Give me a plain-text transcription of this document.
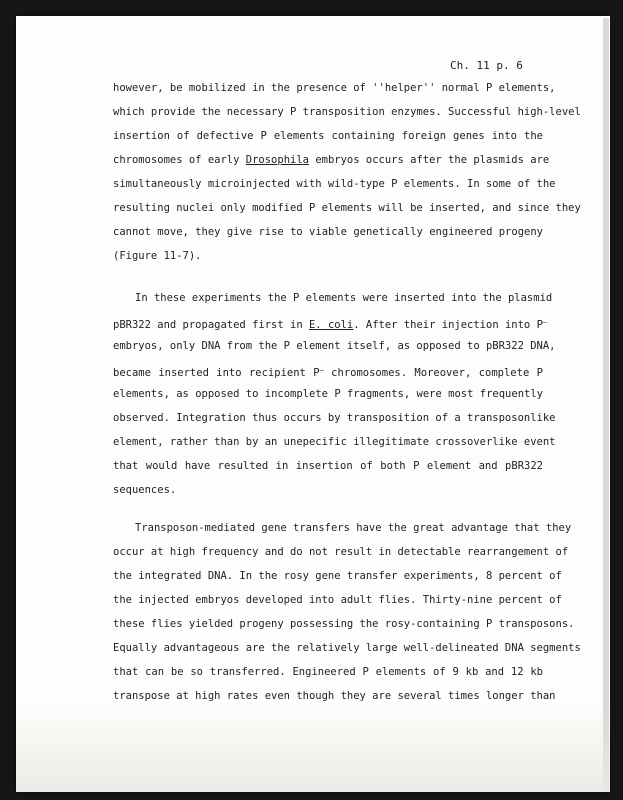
Ch. 11 p. 6
however, be mobilized in the presence of ''helper'' normal P elements,
which provide the necessary P transposition enzymes. Successful high-level
insertion of defective P elements containing foreign genes into the
chromosomes of early Drosophila embryos occurs after the plasmids are
simultaneously microinjected with wild-type P elements. In some of the
resulting nuclei only modified P elements will be inserted, and since they
cannot move, they give rise to viable genetically engineered progeny
(Figure 11-7).
In these experiments the P elements were inserted into the plasmid
pBR322 and propagated first in E. coli. After their injection into P–
embryos, only DNA from the P element itself, as opposed to pBR322 DNA,
became inserted into recipient P– chromosomes. Moreover, complete P
elements, as opposed to incomplete P fragments, were most frequently
observed. Integration thus occurs by transposition of a transposonlike
element, rather than by an unepecific illegitimate crossoverlike event
that would have resulted in insertion of both P element and pBR322
sequences.
Transposon-mediated gene transfers have the great advantage that they
occur at high frequency and do not result in detectable rearrangement of
the integrated DNA. In the rosy gene transfer experiments, 8 percent of
the injected embryos developed into adult flies. Thirty-nine percent of
these flies yielded progeny possessing the rosy-containing P transposons.
Equally advantageous are the relatively large well-delineated DNA segments
that can be so transferred. Engineered P elements of 9 kb and 12 kb
transpose at high rates even though they are several times longer than
